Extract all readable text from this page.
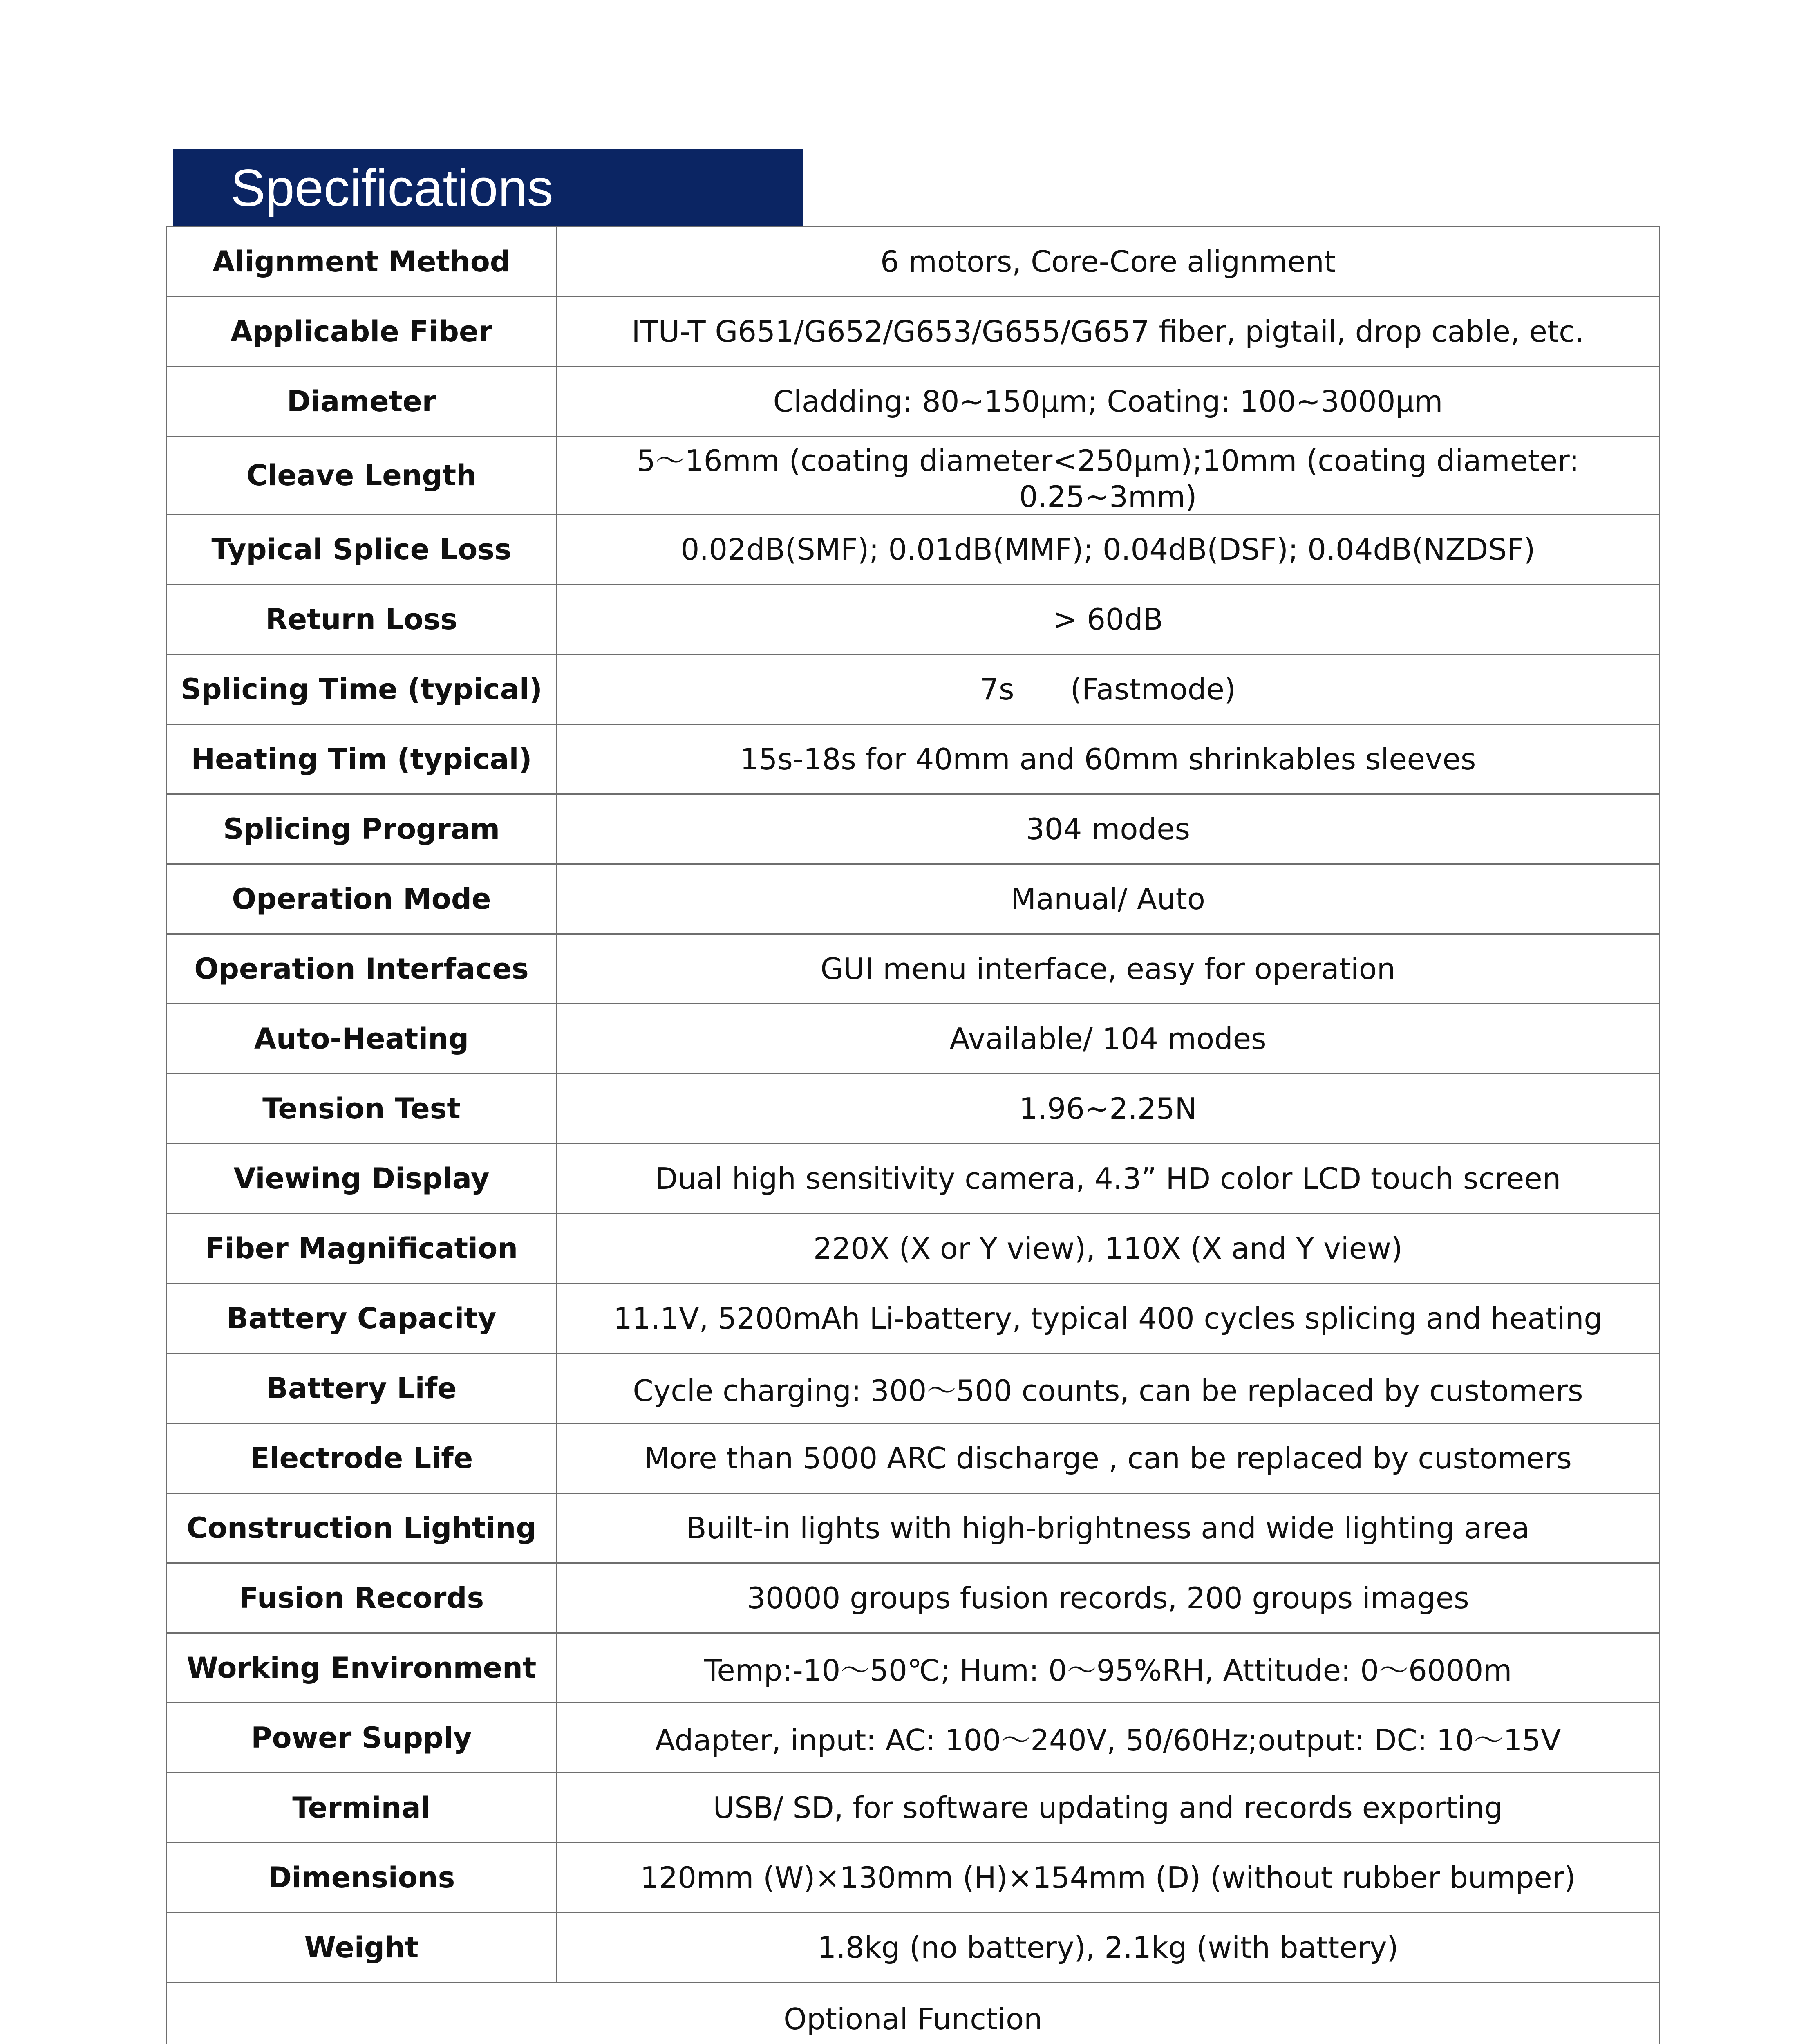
Specifications
Alignment Method	6 motors, Core-Core alignment
Applicable Fiber	ITU-T G651/G652/G653/G655/G657 fiber, pigtail, drop cable, etc.
Diameter	Cladding: 80~150μm; Coating: 100~3000μm
Cleave Length	5～16mm (coating diameter<250μm);10mm (coating diameter: 0.25~3mm)
Typical Splice Loss	0.02dB(SMF); 0.01dB(MMF); 0.04dB(DSF); 0.04dB(NZDSF)
Return Loss	> 60dB
Splicing Time (typical)	7s      (Fastmode)
Heating Tim (typical)	15s-18s for 40mm and 60mm shrinkables sleeves
Splicing Program	304 modes
Operation Mode	Manual/ Auto
Operation Interfaces	GUI menu interface, easy for operation
Auto-Heating	Available/ 104 modes
Tension Test	1.96~2.25N
Viewing Display	Dual high sensitivity camera, 4.3” HD color LCD touch screen
Fiber Magnification	220X (X or Y view), 110X (X and Y view)
Battery Capacity	11.1V, 5200mAh Li-battery, typical 400 cycles splicing and heating
Battery Life	Cycle charging: 300～500 counts, can be replaced by customers
Electrode Life	More than 5000 ARC discharge , can be replaced by customers
Construction Lighting	Built-in lights with high-brightness and wide lighting area
Fusion Records	30000 groups fusion records, 200 groups images
Working Environment	Temp:-10～50℃; Hum: 0～95%RH, Attitude: 0～6000m
Power Supply	Adapter, input: AC: 100～240V, 50/60Hz;output: DC: 10～15V
Terminal	USB/ SD, for software updating and records exporting
Dimensions	120mm (W)×130mm (H)×154mm (D) (without rubber bumper)
Weight	1.8kg (no battery), 2.1kg (with battery)
Optional Function	
